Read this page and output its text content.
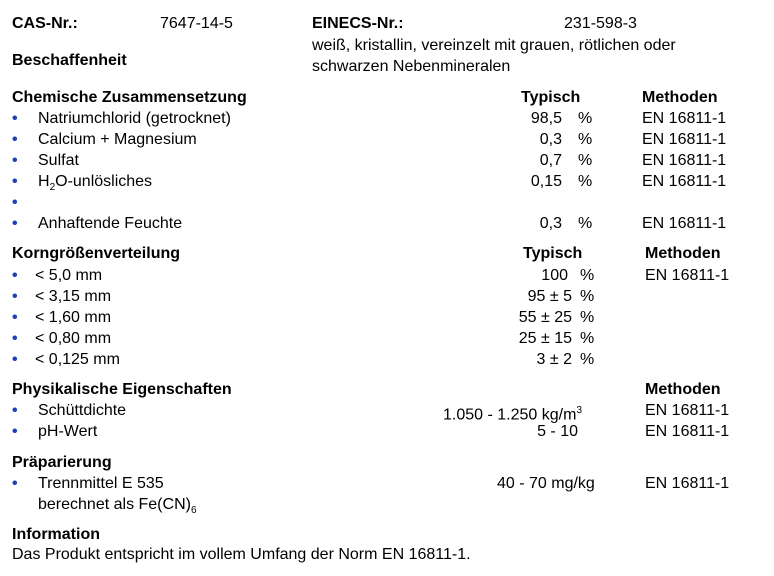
CAS-Nr.:	7647-14-5	EINECS-Nr.:	231-598-3
Beschaffenheit
weiß, kristallin, vereinzelt mit grauen, rötlichen oder
schwarzen Nebenmineralen
Chemische Zusammensetzung	Typisch	Methoden
• Natriumchlorid (getrocknet)	98,5 %	EN 16811-1
• Calcium + Magnesium	0,3 %	EN 16811-1
• Sulfat	0,7 %	EN 16811-1
• $H_2O$-unlösliches	0,15 %	EN 16811-1
•
• Anhaftende Feuchte	0,3 %	EN 16811-1
Korngrößenverteilung	Typisch	Methoden
• < 5,0 mm	100 %	EN 16811-1
• < 3,15 mm	95 ± 5 %
• < 1,60 mm	55 ± 25 %
• < 0,80 mm	25 ± 15 %
• < 0,125 mm	3 ± 2 %
Physikalische Eigenschaften	Methoden
• Schüttdichte	1.050 - 1.250 $kg/m^3$	EN 16811-1
• pH-Wert	5 - 10	EN 16811-1
Präparierung
• Trennmittel E 535	40 - 70 mg/kg	EN 16811-1
berechnet als $Fe(CN)_6$
Information
Das Produkt entspricht im vollem Umfang der Norm EN 16811-1.
